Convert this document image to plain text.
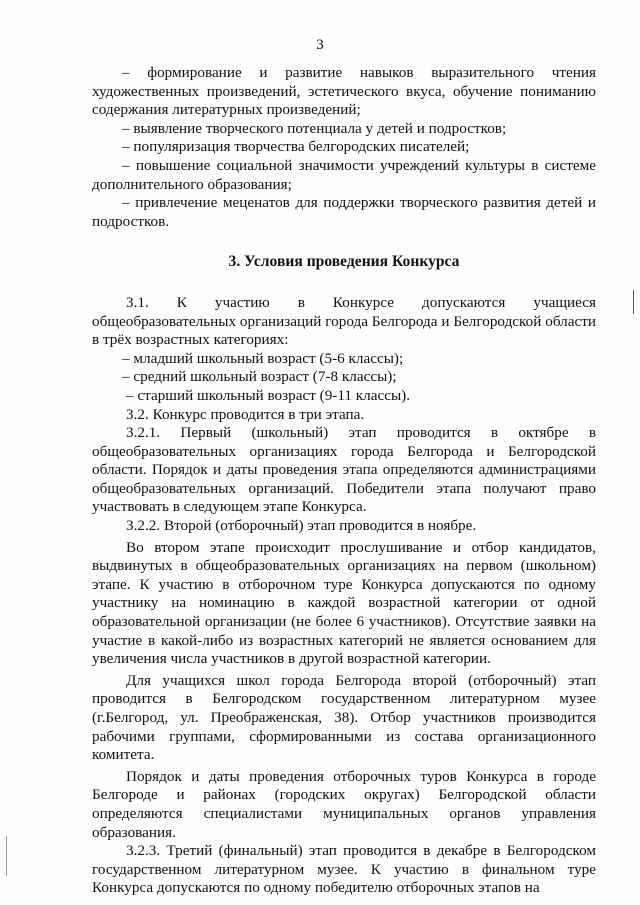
3

– формирование и развитие навыков выразительного чтения художественных произведений, эстетического вкуса, обучение пониманию содержания литературных произведений;

– выявление творческого потенциала у детей и подростков;

– популяризация творчества белгородских писателей;

– повышение социальной значимости учреждений культуры в системе дополнительного образования;

– привлечение меценатов для поддержки творческого развития детей и подростков.

3. Условия проведения Конкурса

3.1. К участию в Конкурсе допускаются учащиеся общеобразовательных организаций города Белгорода и Белгородской области в трёх возрастных категориях:

– младший школьный возраст (5-6 классы);

– средний школьный возраст (7-8 классы);

– старший школьный возраст (9-11 классы).

3.2. Конкурс проводится в три этапа.

3.2.1. Первый (школьный) этап проводится в октябре в общеобразовательных организациях города Белгорода и Белгородской области. Порядок и даты проведения этапа определяются администрациями общеобразовательных организаций. Победители этапа получают право участвовать в следующем этапе Конкурса.

3.2.2. Второй (отборочный) этап проводится в ноябре.

Во втором этапе происходит прослушивание и отбор кандидатов, выдвинутых в общеобразовательных организациях на первом (школьном) этапе. К участию в отборочном туре Конкурса допускаются по одному участнику на номинацию в каждой возрастной категории от одной образовательной организации (не более 6 участников). Отсутствие заявки на участие в какой-либо из возрастных категорий не является основанием для увеличения числа участников в другой возрастной категории.

Для учащихся школ города Белгорода второй (отборочный) этап проводится в Белгородском государственном литературном музее (г.Белгород, ул. Преображенская, 38). Отбор участников производится рабочими группами, сформированными из состава организационного комитета.

Порядок и даты проведения отборочных туров Конкурса в городе Белгороде и районах (городских округах) Белгородской области определяются специалистами муниципальных органов управления образования.

3.2.3. Третий (финальный) этап проводится в декабре в Белгородском государственном литературном музее. К участию в финальном туре Конкурса допускаются по одному победителю отборочных этапов на
